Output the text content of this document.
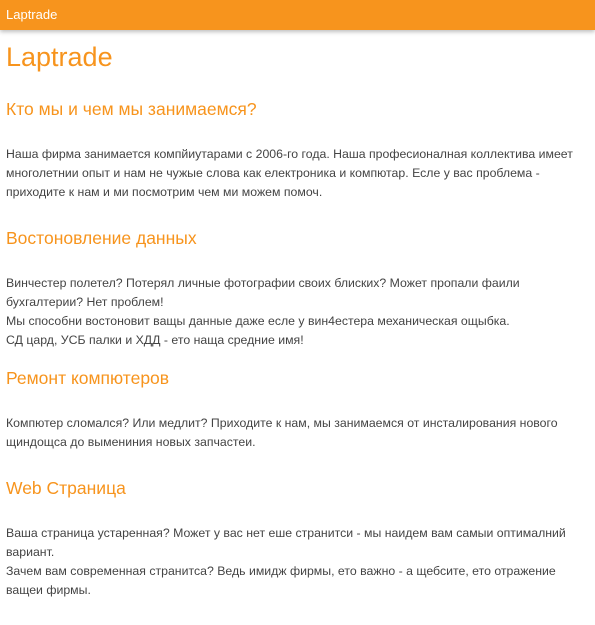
Laptrade
Laptrade
Кто мы и чем мы занимаемся?

Наша фирма занимается компйиутарами с 2006-го года. Наша професионалная коллектива имеет многолетнии опыт и нам не чужые слова как електроника и компютар. Есле у вас проблема - приходите к нам и ми посмотрим чем ми можем помоч.

Востоновление данных

Винчестер полетел? Потерял личные фотографии своих блиских? Может пропали фаили бухгалтерии? Нет проблем!
Мы способни востоновит ващы данные даже есле у вин4естера механическая ощыбка.
СД цард, УСБ палки и ХДД - ето наща средние имя!

Ремонт компютеров

Компютер сломался? Или медлит? Приходите к нам, мы занимаемся от инсталирования нового щиндощса до вымениния новых запчастеи.

Web Страница

Ваша страница устаренная? Может у вас нет еше странитси - мы наидем вам самыи оптималний вариант.
Зачем вам современная странитса? Ведь имидж фирмы, ето важно - а щебсите, ето отражение ващеи фирмы.
